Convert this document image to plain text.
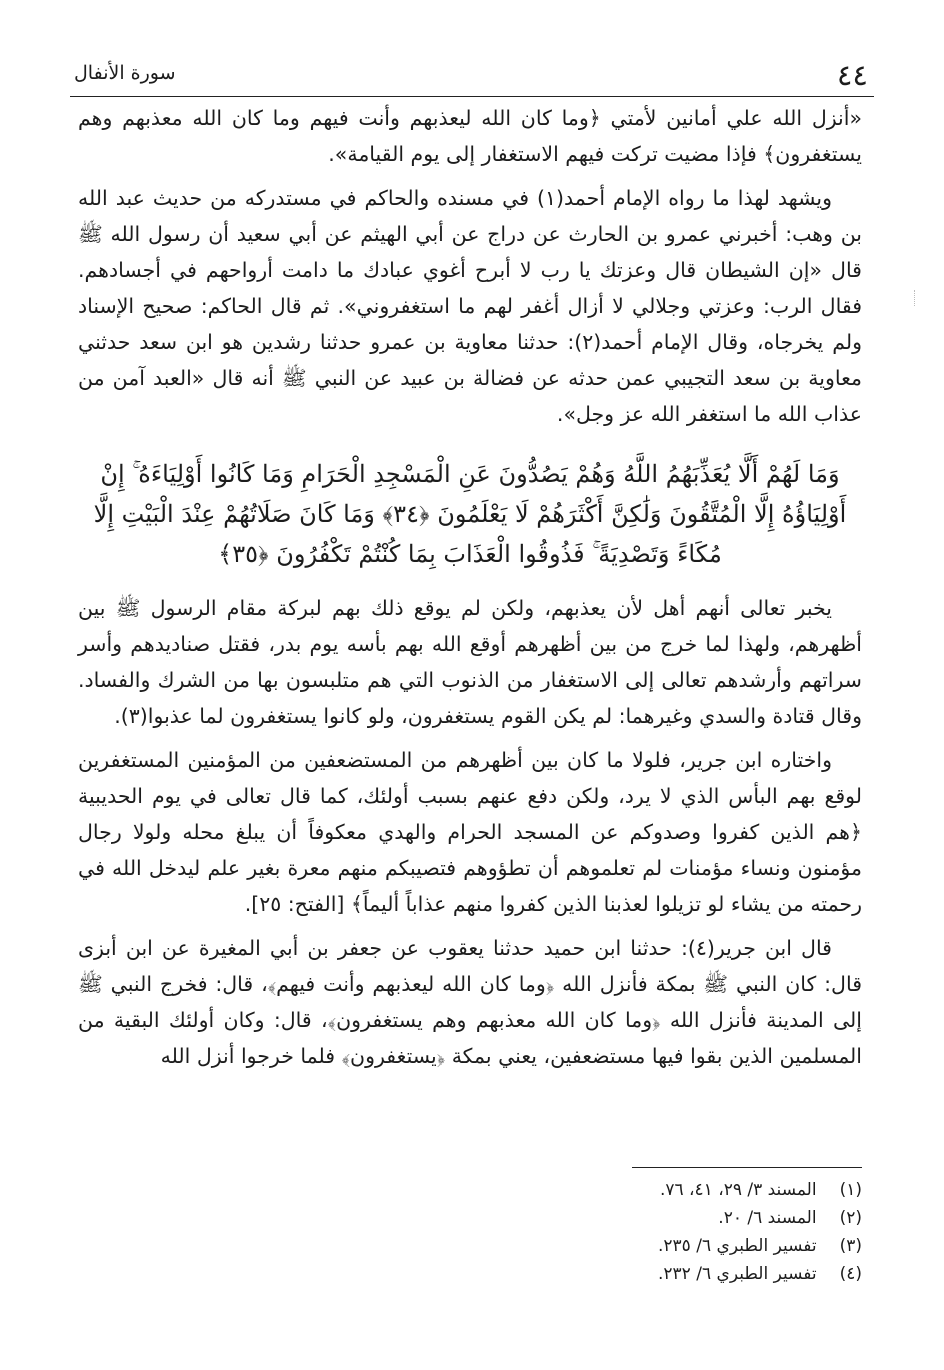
٤٤
سورة الأنفال

«أنزل الله علي أمانين لأمتي ﴿وما كان الله ليعذبهم وأنت فيهم وما كان الله معذبهم وهم يستغفرون﴾ فإذا مضيت تركت فيهم الاستغفار إلى يوم القيامة».

ويشهد لهذا ما رواه الإمام أحمد(١) في مسنده والحاكم في مستدركه من حديث عبد الله بن وهب: أخبرني عمرو بن الحارث عن دراج عن أبي الهيثم عن أبي سعيد أن رسول الله ﷺ قال «إن الشيطان قال وعزتك يا رب لا أبرح أغوي عبادك ما دامت أرواحهم في أجسادهم. فقال الرب: وعزتي وجلالي لا أزال أغفر لهم ما استغفروني». ثم قال الحاكم: صحيح الإسناد ولم يخرجاه، وقال الإمام أحمد(٢): حدثنا معاوية بن عمرو حدثنا رشدين هو ابن سعد حدثني معاوية بن سعد التجيبي عمن حدثه عن فضالة بن عبيد عن النبي ﷺ أنه قال «العبد آمن من عذاب الله ما استغفر الله عز وجل».

وَمَا لَهُمْ أَلَّا يُعَذِّبَهُمُ اللَّهُ وَهُمْ يَصُدُّونَ عَنِ الْمَسْجِدِ الْحَرَامِ وَمَا كَانُوا أَوْلِيَاءَهُ ۚ إِنْ أَوْلِيَاؤُهُ إِلَّا الْمُتَّقُونَ وَلَٰكِنَّ أَكْثَرَهُمْ لَا يَعْلَمُونَ ﴿٣٤﴾ وَمَا كَانَ صَلَاتُهُمْ عِنْدَ الْبَيْتِ إِلَّا مُكَاءً وَتَصْدِيَةً ۚ فَذُوقُوا الْعَذَابَ بِمَا كُنْتُمْ تَكْفُرُونَ ﴿٣٥﴾

يخبر تعالى أنهم أهل لأن يعذبهم، ولكن لم يوقع ذلك بهم لبركة مقام الرسول ﷺ بين أظهرهم، ولهذا لما خرج من بين أظهرهم أوقع الله بهم بأسه يوم بدر، فقتل صناديدهم وأسر سراتهم وأرشدهم تعالى إلى الاستغفار من الذنوب التي هم متلبسون بها من الشرك والفساد. وقال قتادة والسدي وغيرهما: لم يكن القوم يستغفرون، ولو كانوا يستغفرون لما عذبوا(٣).

واختاره ابن جرير، فلولا ما كان بين أظهرهم من المستضعفين من المؤمنين المستغفرين لوقع بهم البأس الذي لا يرد، ولكن دفع عنهم بسبب أولئك، كما قال تعالى في يوم الحديبية ﴿هم الذين كفروا وصدوكم عن المسجد الحرام والهدي معكوفاً أن يبلغ محله ولولا رجال مؤمنون ونساء مؤمنات لم تعلموهم أن تطؤوهم فتصيبكم منهم معرة بغير علم ليدخل الله في رحمته من يشاء لو تزيلوا لعذبنا الذين كفروا منهم عذاباً أليماً﴾ [الفتح: ٢٥].

قال ابن جرير(٤): حدثنا ابن حميد حدثنا يعقوب عن جعفر بن أبي المغيرة عن ابن أبزى قال: كان النبي ﷺ بمكة فأنزل الله ﴿وما كان الله ليعذبهم وأنت فيهم﴾، قال: فخرج النبي ﷺ إلى المدينة فأنزل الله ﴿وما كان الله معذبهم وهم يستغفرون﴾، قال: وكان أولئك البقية من المسلمين الذين بقوا فيها مستضعفين، يعني بمكة ﴿يستغفرون﴾ فلما خرجوا أنزل الله

(١) المسند ٣/ ٢٩، ٤١، ٧٦.
(٢) المسند ٦/ ٢٠.
(٣) تفسير الطبري ٦/ ٢٣٥.
(٤) تفسير الطبري ٦/ ٢٣٢.
